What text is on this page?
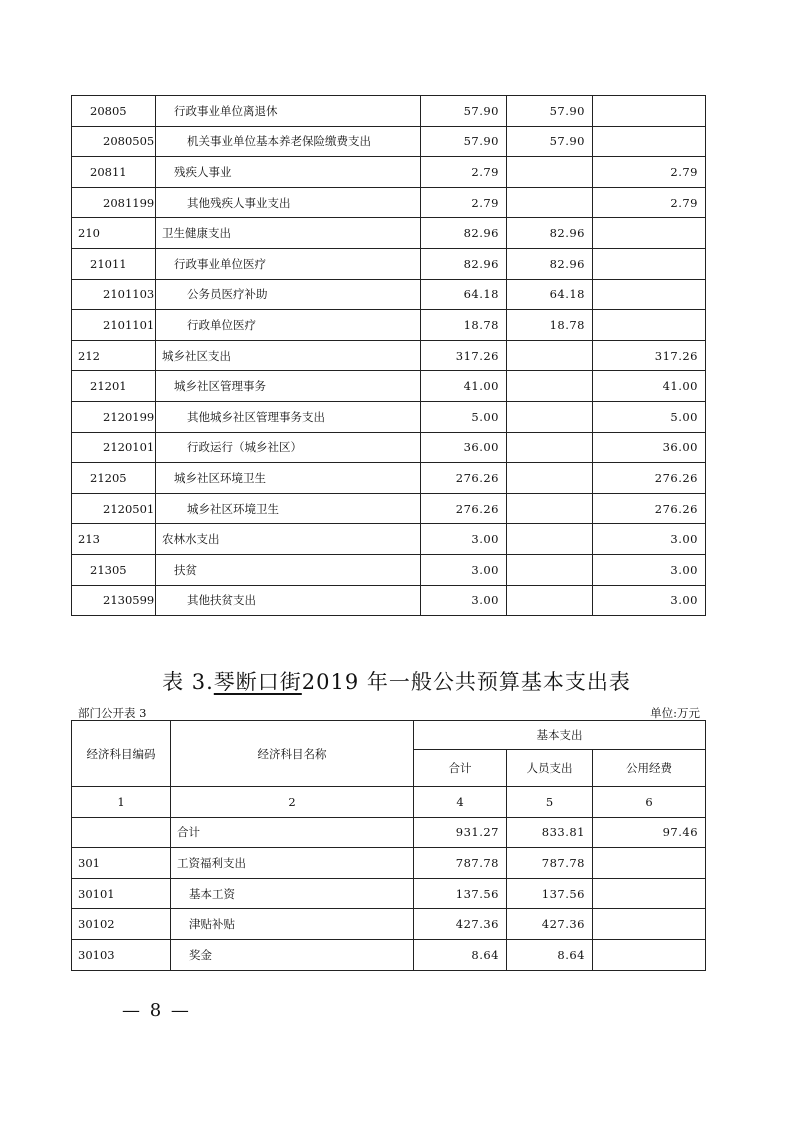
20805	行政事业单位离退休	57.90	57.90	
2080505	机关事业单位基本养老保险缴费支出	57.90	57.90	
20811	残疾人事业	2.79		2.79
2081199	其他残疾人事业支出	2.79		2.79
210	卫生健康支出	82.96	82.96	
21011	行政事业单位医疗	82.96	82.96	
2101103	公务员医疗补助	64.18	64.18	
2101101	行政单位医疗	18.78	18.78	
212	城乡社区支出	317.26		317.26
21201	城乡社区管理事务	41.00		41.00
2120199	其他城乡社区管理事务支出	5.00		5.00
2120101	行政运行（城乡社区）	36.00		36.00
21205	城乡社区环境卫生	276.26		276.26
2120501	城乡社区环境卫生	276.26		276.26
213	农林水支出	3.00		3.00
21305	扶贫	3.00		3.00
2130599	其他扶贫支出	3.00		3.00
表 3.琴断口街2019 年一般公共预算基本支出表
部门公开表 3	单位:万元
经济科目编码	经济科目名称	基本支出		
		合计	人员支出	公用经费
1	2	4	5	6
	合计	931.27	833.81	97.46
301	工资福利支出	787.78	787.78	
30101	基本工资	137.56	137.56	
30102	津贴补贴	427.36	427.36	
30103	奖金	8.64	8.64	
— 8 —
